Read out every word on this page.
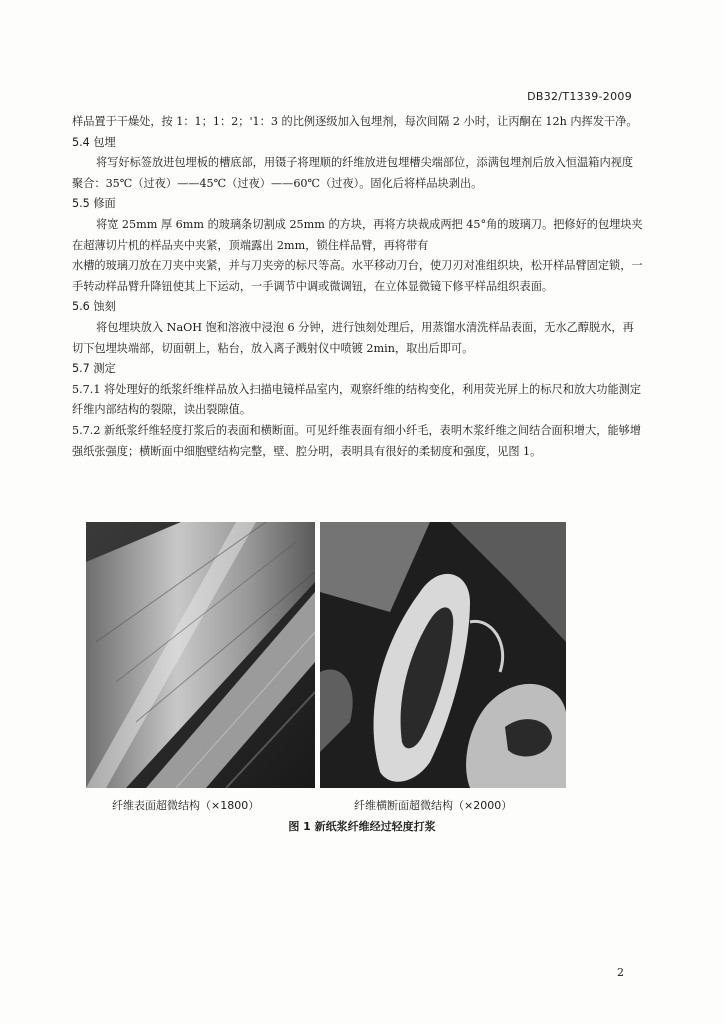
DB32/T1339-2009

样品置于干燥处，按 1：1；1：2；'1：3 的比例逐级加入包埋剂，每次间隔 2 小时，让丙酮在 12h 内挥发干净。

5.4 包埋

将写好标签放进包埋板的槽底部，用镊子将理顺的纤维放进包埋槽尖端部位，添满包埋剂后放入恒温箱内视度聚合：35℃（过夜）——45℃（过夜）——60℃（过夜）。固化后将样品块剥出。

5.5 修面

将宽 25mm 厚 6mm 的玻璃条切割成 25mm 的方块，再将方块裁成两把 45°角的玻璃刀。把修好的包埋块夹在超薄切片机的样品夹中夹紧，顶端露出 2mm，锁住样品臂，再将带有

水槽的玻璃刀放在刀夹中夹紧，并与刀夹旁的标尺等高。水平移动刀台，使刀刃对准组织块，松开样品臂固定锁，一手转动样品臂升降钮使其上下运动，一手调节中调或微调钮，在立体显微镜下修平样品组织表面。

5.6 蚀刻

将包埋块放入 NaOH 饱和溶液中浸泡 6 分钟，进行蚀刻处理后，用蒸馏水清洗样品表面，无水乙醇脱水，再切下包埋块端部，切面朝上，粘台，放入离子溅射仪中喷镀 2min，取出后即可。

5.7 测定

5.7.1 将处理好的纸浆纤维样品放入扫描电镜样品室内，观察纤维的结构变化，利用荧光屏上的标尺和放大功能测定纤维内部结构的裂隙，读出裂隙值。

5.7.2 新纸浆纤维轻度打浆后的表面和横断面。可见纤维表面有细小纤毛，表明木浆纤维之间结合面积增大，能够增强纸张强度；横断面中细胞壁结构完整，壁、腔分明，表明具有很好的柔韧度和强度，见图 1。

纤维表面超微结构（×1800）	纤维横断面超微结构（×2000）
图 1 新纸浆纤维经过轻度打浆
2
